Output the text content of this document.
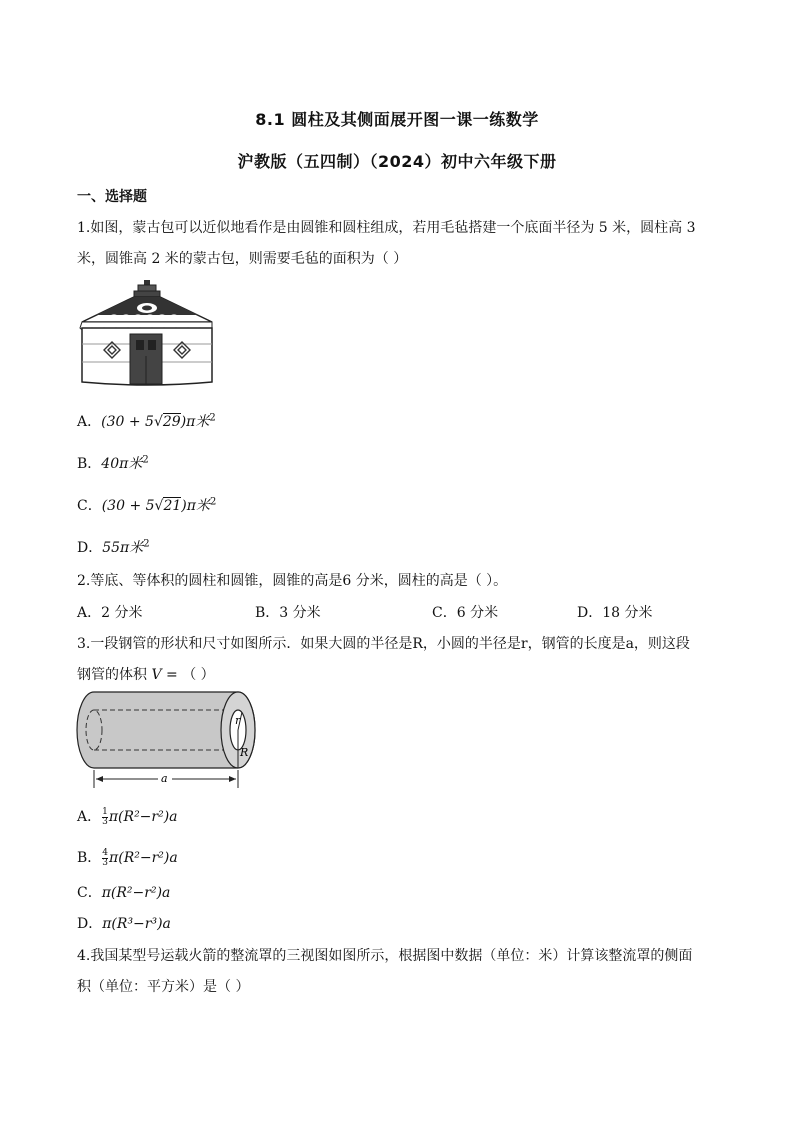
8.1 圆柱及其侧面展开图一课一练数学
沪教版（五四制）（2024）初中六年级下册
一、选择题
1.如图，蒙古包可以近似地看作是由圆锥和圆柱组成，若用毛毡搭建一个底面半径为 5 米，圆柱高 3
米，圆锥高 2 米的蒙古包，则需要毛毡的面积为（ ）
A．(30 + 5√29)π米$^2$
B．40π米$^2$
C．(30 + 5√21)π米$^2$
D．55π米$^2$
2.等底、等体积的圆柱和圆锥，圆锥的高是6 分米，圆柱的高是（ ）。
A．2 分米	B．3 分米	C．6 分米	D．18 分米
3.一段钢管的形状和尺寸如图所示．如果大圆的半径是R，小圆的半径是r，钢管的长度是a，则这段
钢管的体积 V = （ ）
r
R
a
A． $\frac{1}{3} \pi(R^2-r^2)a$
B． $\frac{4}{3} \pi(R^2-r^2)a$
C．π(R²−r²)a
D．π(R³−r³)a
4.我国某型号运载火箭的整流罩的三视图如图所示，根据图中数据（单位：米）计算该整流罩的侧面
积（单位：平方米）是（ ）
